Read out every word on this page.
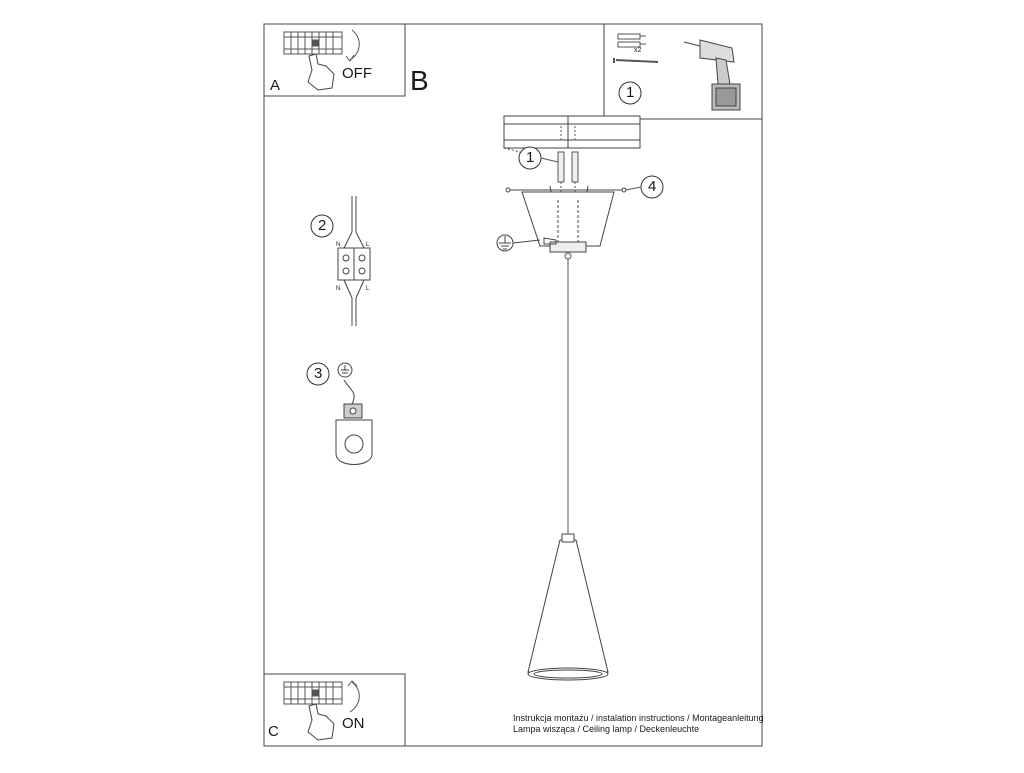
A
OFF B
C	ON
x2
1
1
4
2
3
N	L
N	L
Instrukcja montażu / instalation instructions / Montageanleitung
Lampa wisząca / Ceiling lamp / Deckenleuchte
